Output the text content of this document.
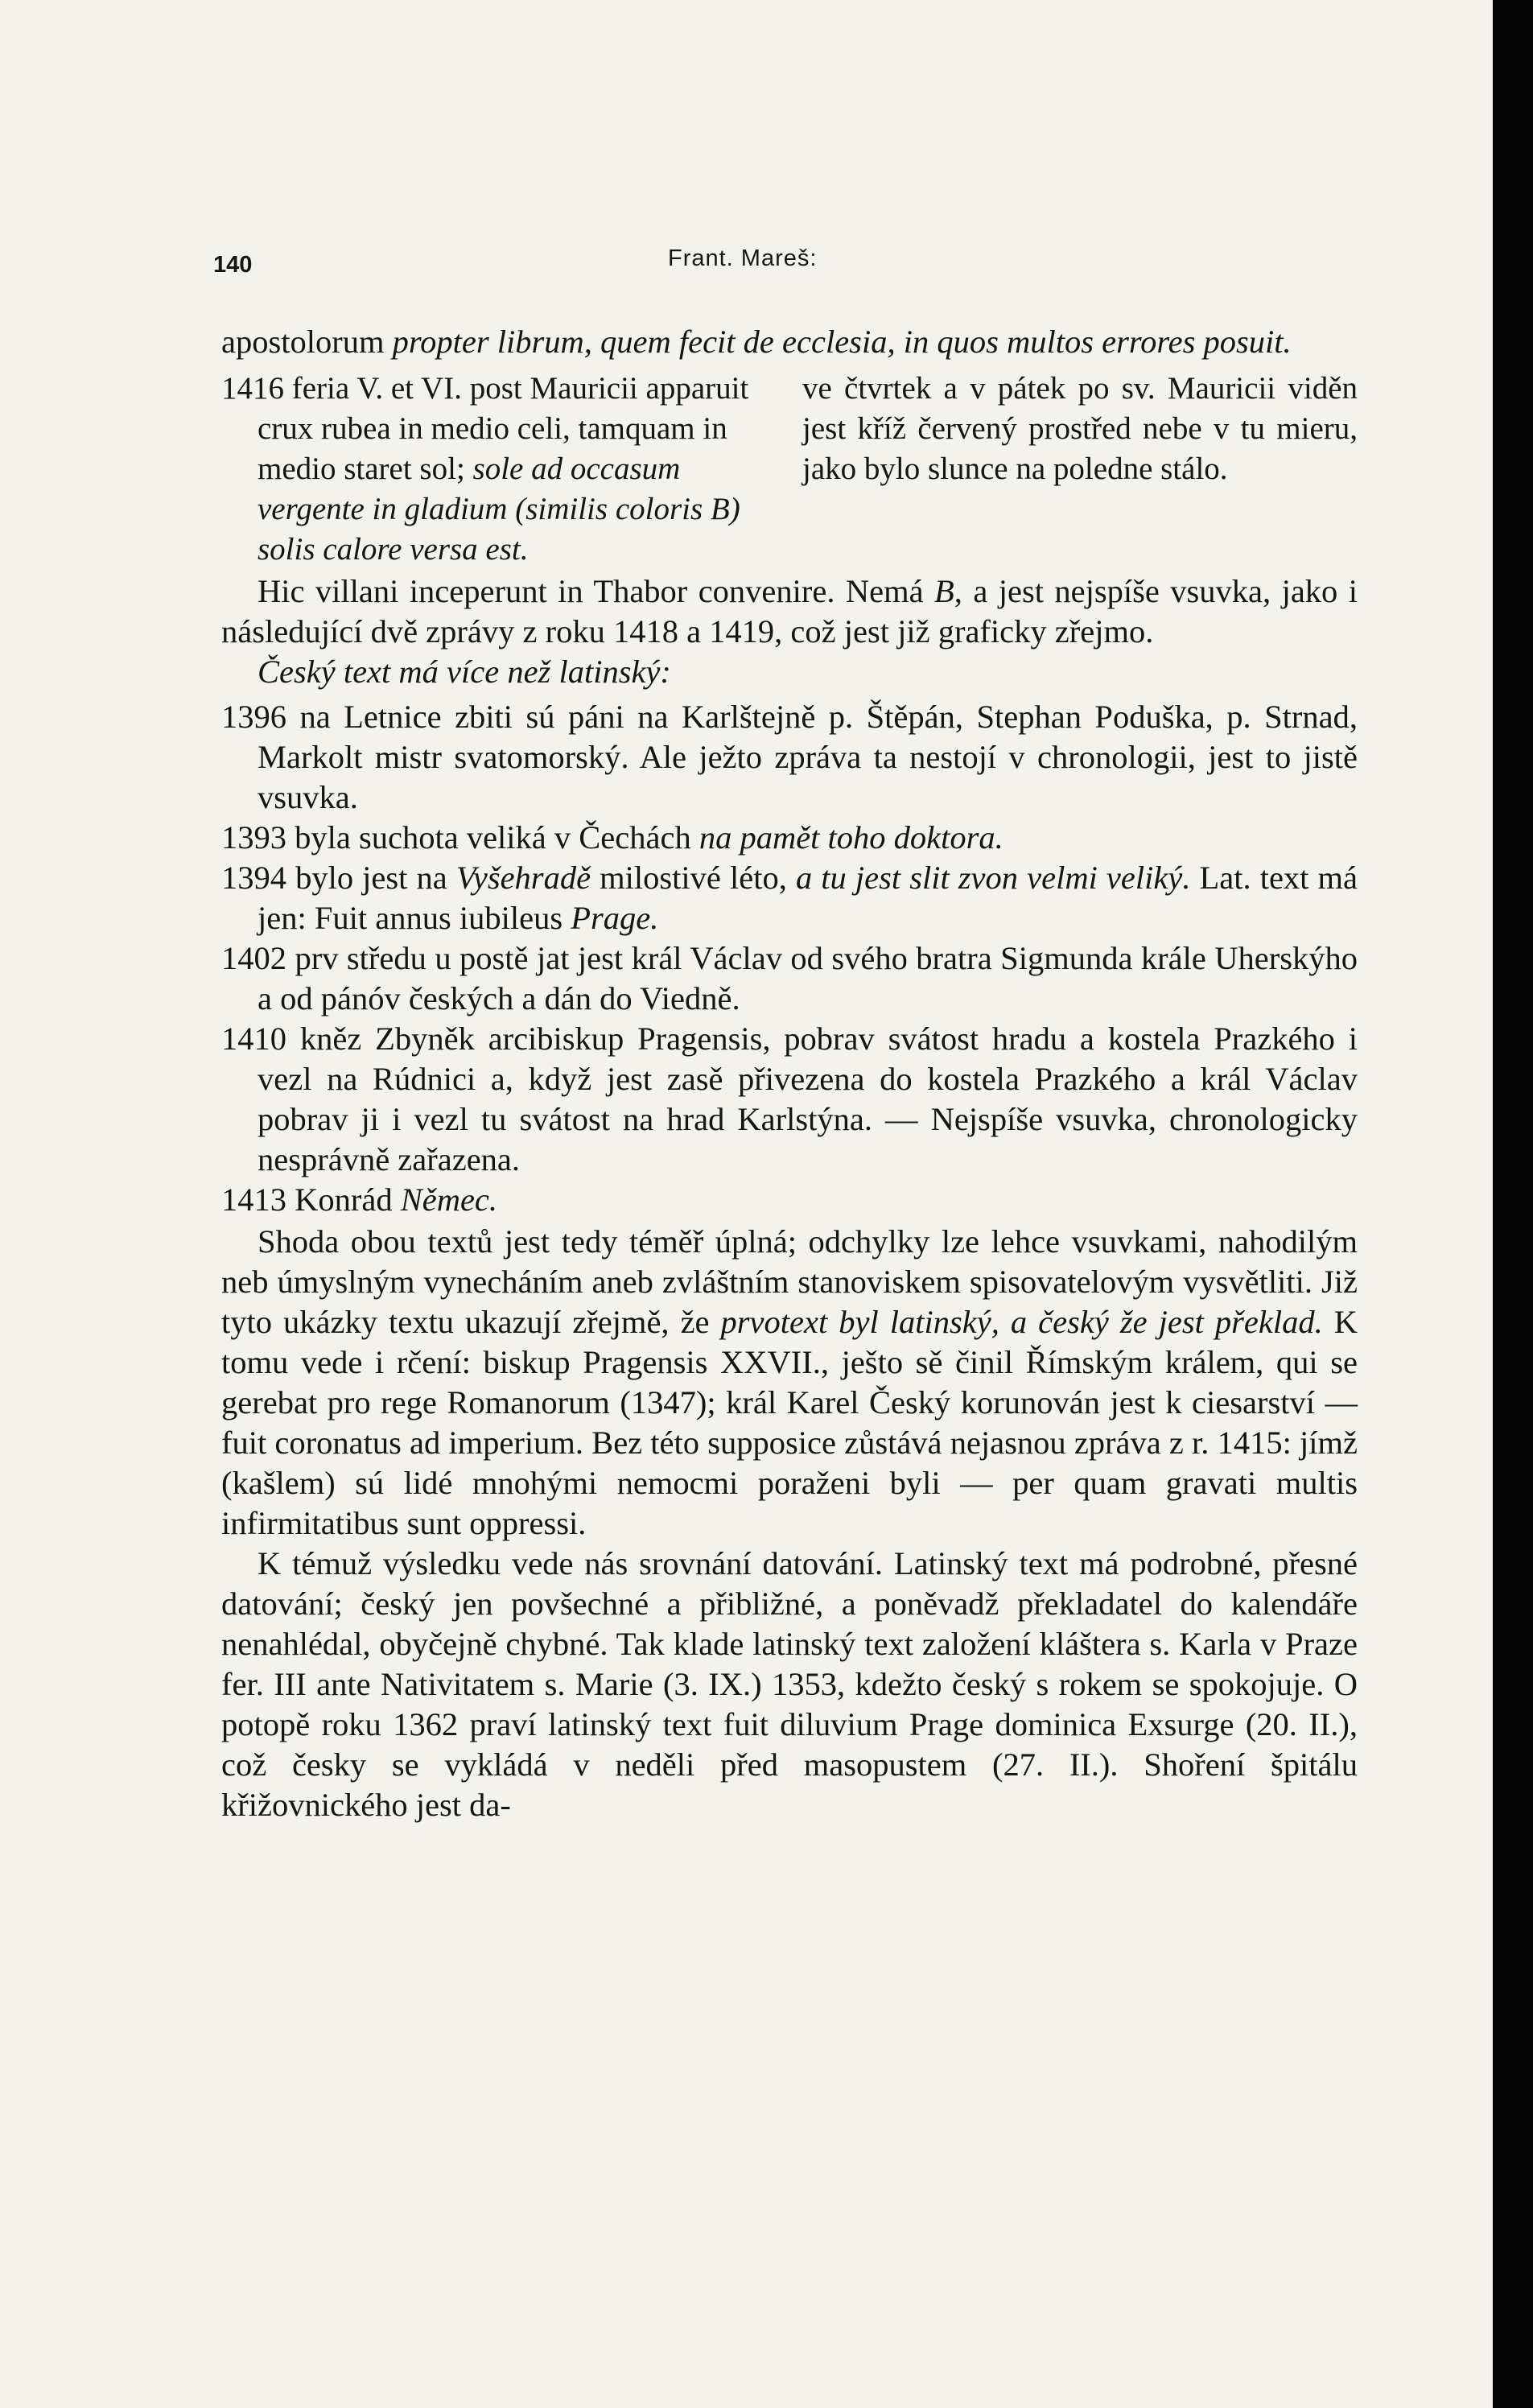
140	Frant. Mareš:

apostolorum propter librum, quem fecit de ecclesia, in quos multos errores posuit.

1416 feria V. et VI. post Mauricii apparuit crux rubea in medio celi, tamquam in medio staret sol; sole ad occasum vergente in gladium (similis coloris B) solis calore versa est.

ve čtvrtek a v pátek po sv. Mauricii viděn jest kříž červený prostřed nebe v tu mieru, jako bylo slunce na poledne stálo.

Hic villani inceperunt in Thabor convenire. Nemá B, a jest nejspíše vsuvka, jako i následující dvě zprávy z roku 1418 a 1419, což jest již graficky zřejmo.

Český text má více než latinský:

1396 na Letnice zbiti sú páni na Karlštejně p. Štěpán, Stephan Poduška, p. Strnad, Markolt mistr svatomorský. Ale ježto zpráva ta nestojí v chronologii, jest to jistě vsuvka.

1393 byla suchota veliká v Čechách na pamět toho doktora.

1394 bylo jest na Vyšehradě milostivé léto, a tu jest slit zvon velmi veliký. Lat. text má jen: Fuit annus iubileus Prage.

1402 prv středu u postě jat jest král Václav od svého bratra Sigmunda krále Uherskýho a od pánóv českých a dán do Viedně.

1410 kněz Zbyněk arcibiskup Pragensis, pobrav svátost hradu a kostela Prazkého i vezl na Rúdnici a, když jest zasě přivezena do kostela Prazkého a král Václav pobrav ji i vezl tu svátost na hrad Karlstýna. — Nejspíše vsuvka, chronologicky nesprávně zařazena.

1413 Konrád Němec.

Shoda obou textů jest tedy téměř úplná; odchylky lze lehce vsuvkami, nahodilým neb úmyslným vynecháním aneb zvláštním stanoviskem spisovatelovým vysvětliti. Již tyto ukázky textu ukazují zřejmě, že prvotext byl latinský, a český že jest překlad. K tomu vede i rčení: biskup Pragensis XXVII., ješto sě činil Římským králem, qui se gerebat pro rege Romanorum (1347); král Karel Český korunován jest k ciesarství — fuit coronatus ad imperium. Bez této supposice zůstává nejasnou zpráva z r. 1415: jímž (kašlem) sú lidé mnohými nemocmi poraženi byli — per quam gravati multis infirmitatibus sunt oppressi.

K témuž výsledku vede nás srovnání datování. Latinský text má podrobné, přesné datování; český jen povšechné a přibližné, a poněvadž překladatel do kalendáře nenahlédal, obyčejně chybné. Tak klade latinský text založení kláštera s. Karla v Praze fer. III ante Nativitatem s. Marie (3. IX.) 1353, kdežto český s rokem se spokojuje. O potopě roku 1362 praví latinský text fuit diluvium Prage dominica Exsurge (20. II.), což česky se vykládá v neděli před masopustem (27. II.). Shoření špitálu křižovnického jest da-
